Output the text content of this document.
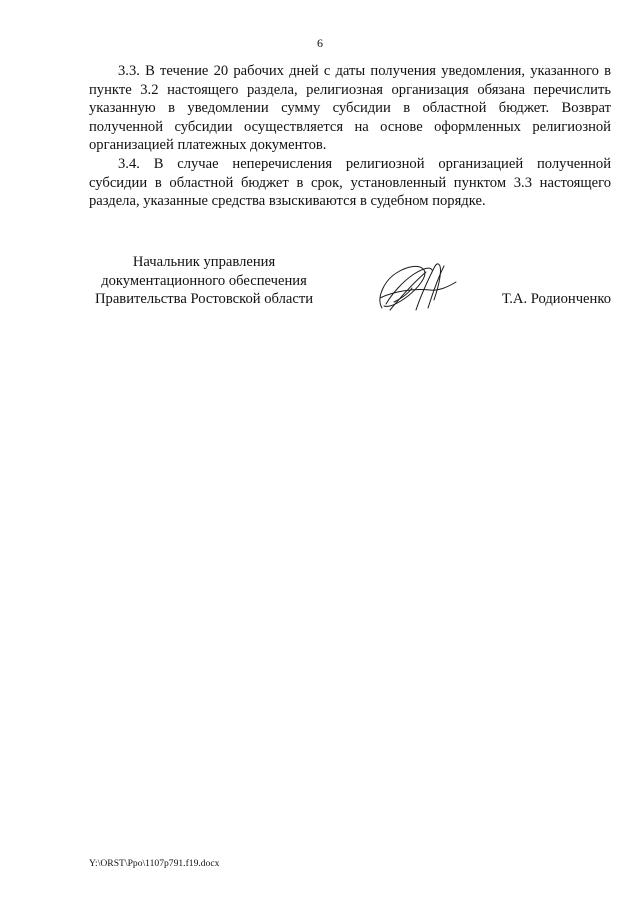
6

3.3. В течение 20 рабочих дней с даты получения уведомления, указанного в пункте 3.2 настоящего раздела, религиозная организация обязана перечислить указанную в уведомлении сумму субсидии в областной бюджет. Возврат полученной субсидии осуществляется на основе оформленных религиозной организацией платежных документов.

3.4. В случае неперечисления религиозной организацией полученной субсидии в областной бюджет в срок, установленный пунктом 3.3 настоящего раздела, указанные средства взыскиваются в судебном порядке.

Начальник управления
документационного обеспечения
Правительства Ростовской области	Т.А. Родионченко
Y:\ORST\Ppo\1107p791.f19.docx
